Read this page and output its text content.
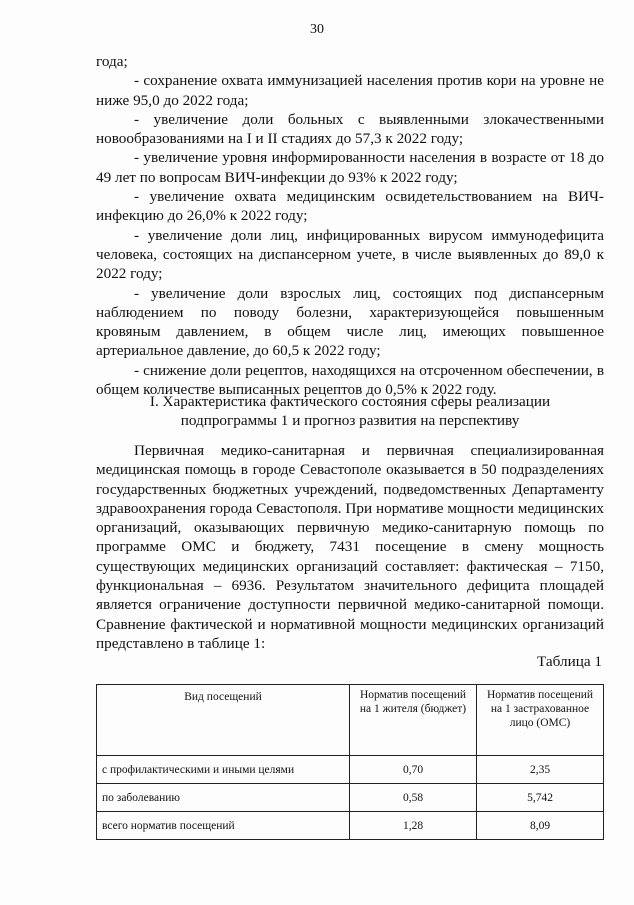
30

года;

- сохранение охвата иммунизацией населения против кори на уровне не ниже 95,0 до 2022 года;

- увеличение доли больных с выявленными злокачественными новообразованиями на I и II стадиях до 57,3 к 2022 году;

- увеличение уровня информированности населения в возрасте от 18 до 49 лет по вопросам ВИЧ-инфекции до 93% к 2022 году;

- увеличение охвата медицинским освидетельствованием на ВИЧ-инфекцию до 26,0% к 2022 году;

- увеличение доли лиц, инфицированных вирусом иммунодефицита человека, состоящих на диспансерном учете, в числе выявленных до 89,0 к 2022 году;

- увеличение доли взрослых лиц, состоящих под диспансерным наблюдением по поводу болезни, характеризующейся повышенным кровяным давлением, в общем числе лиц, имеющих повышенное артериальное давление, до 60,5 к 2022 году;

- снижение доли рецептов, находящихся на отсроченном обеспечении, в общем количестве выписанных рецептов до 0,5% к 2022 году.

I. Характеристика фактического состояния сферы реализации
подпрограммы 1 и прогноз развития на перспективу

Первичная медико-санитарная и первичная специализированная медицинская помощь в городе Севастополе оказывается в 50 подразделениях государственных бюджетных учреждений, подведомственных Департаменту здравоохранения города Севастополя. При нормативе мощности медицинских организаций, оказывающих первичную медико-санитарную помощь по программе ОМС и бюджету, 7431 посещение в смену мощность существующих медицинских организаций составляет: фактическая – 7150, функциональная – 6936. Результатом значительного дефицита площадей является ограничение доступности первичной медико-санитарной помощи. Сравнение фактической и нормативной мощности медицинских организаций представлено в таблице 1:

Таблица 1
Вид посещений	Норматив посещений на 1 жителя (бюджет)	Норматив посещений на 1 застрахованное лицо (ОМС)
с профилактическими и иными целями	0,70	2,35
по заболеванию	0,58	5,742
всего норматив посещений	1,28	8,09
